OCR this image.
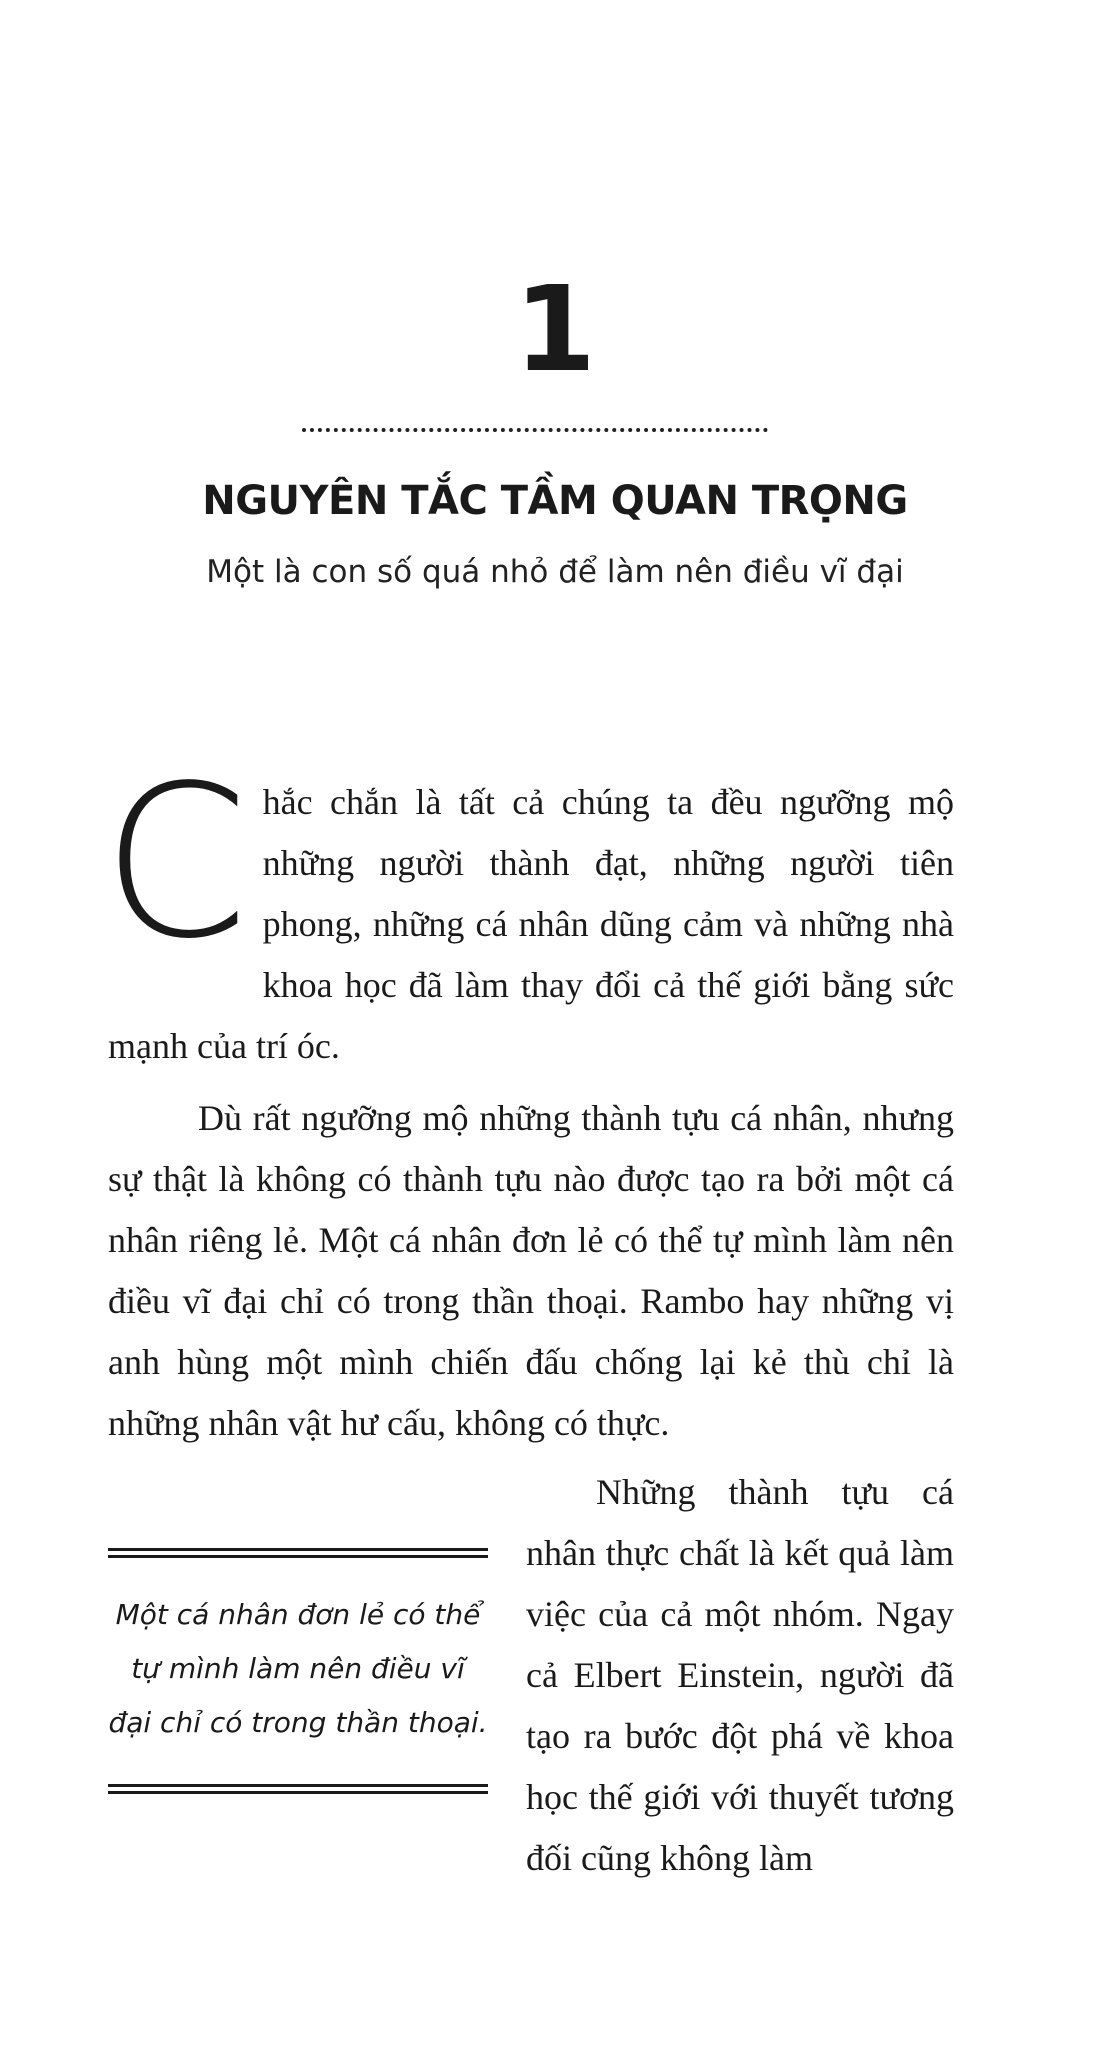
1
NGUYÊN TẮC TẦM QUAN TRỌNG
Một là con số quá nhỏ để làm nên điều vĩ đại
Chắc chắn là tất cả chúng ta đều ngưỡng mộ những người thành đạt, những người tiên phong, những cá nhân dũng cảm và những nhà khoa học đã làm thay đổi cả thế giới bằng sức mạnh của trí óc.
Dù rất ngưỡng mộ những thành tựu cá nhân, nhưng sự thật là không có thành tựu nào được tạo ra bởi một cá nhân riêng lẻ. Một cá nhân đơn lẻ có thể tự mình làm nên điều vĩ đại chỉ có trong thần thoại. Rambo hay những vị anh hùng một mình chiến đấu chống lại kẻ thù chỉ là những nhân vật hư cấu, không có thực.
Một cá nhân đơn lẻ có thể tự mình làm nên điều vĩ đại chỉ có trong thần thoại.
Những thành tựu cá nhân thực chất là kết quả làm việc của cả một nhóm. Ngay cả Elbert Einstein, người đã tạo ra bước đột phá về khoa học thế giới với thuyết tương đối cũng không làm
